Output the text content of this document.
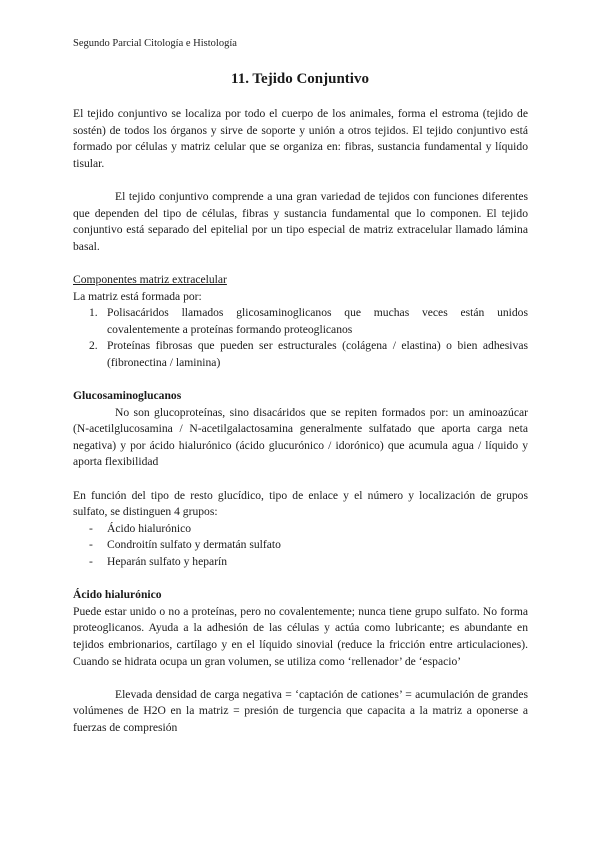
Segundo Parcial Citología e Histología
11. Tejido Conjuntivo

El tejido conjuntivo se localiza por todo el cuerpo de los animales, forma el estroma (tejido de sostén) de todos los órganos y sirve de soporte y unión a otros tejidos. El tejido conjuntivo está formado por células y matriz celular que se organiza en: fibras, sustancia fundamental y líquido tisular.

El tejido conjuntivo comprende a una gran variedad de tejidos con funciones diferentes que dependen del tipo de células, fibras y sustancia fundamental que lo componen. El tejido conjuntivo está separado del epitelial por un tipo especial de matriz extracelular llamado lámina basal.

Componentes matriz extracelular

La matriz está formada por:

1. Polisacáridos llamados glicosaminoglicanos que muchas veces están unidos covalentemente a proteínas formando proteoglicanos
2. Proteínas fibrosas que pueden ser estructurales (colágena / elastina) o bien adhesivas (fibronectina / laminina)

Glucosaminoglucanos

No son glucoproteínas, sino disacáridos que se repiten formados por: un aminoazúcar (N-acetilglucosamina / N-acetilgalactosamina generalmente sulfatado que aporta carga neta negativa) y por ácido hialurónico (ácido glucurónico / idorónico) que acumula agua / líquido y aporta flexibilidad

En función del tipo de resto glucídico, tipo de enlace y el número y localización de grupos sulfato, se distinguen 4 grupos:

- Ácido hialurónico
- Condroitín sulfato y dermatán sulfato
- Heparán sulfato y heparín

Ácido hialurónico

Puede estar unido o no a proteínas, pero no covalentemente; nunca tiene grupo sulfato. No forma proteoglicanos. Ayuda a la adhesión de las células y actúa como lubricante; es abundante en tejidos embrionarios, cartílago y en el líquido sinovial (reduce la fricción entre articulaciones). Cuando se hidrata ocupa un gran volumen, se utiliza como ‘rellenador’ de ‘espacio’

Elevada densidad de carga negativa = ‘captación de cationes’ = acumulación de grandes volúmenes de H2O en la matriz = presión de turgencia que capacita a la matriz a oponerse a fuerzas de compresión
